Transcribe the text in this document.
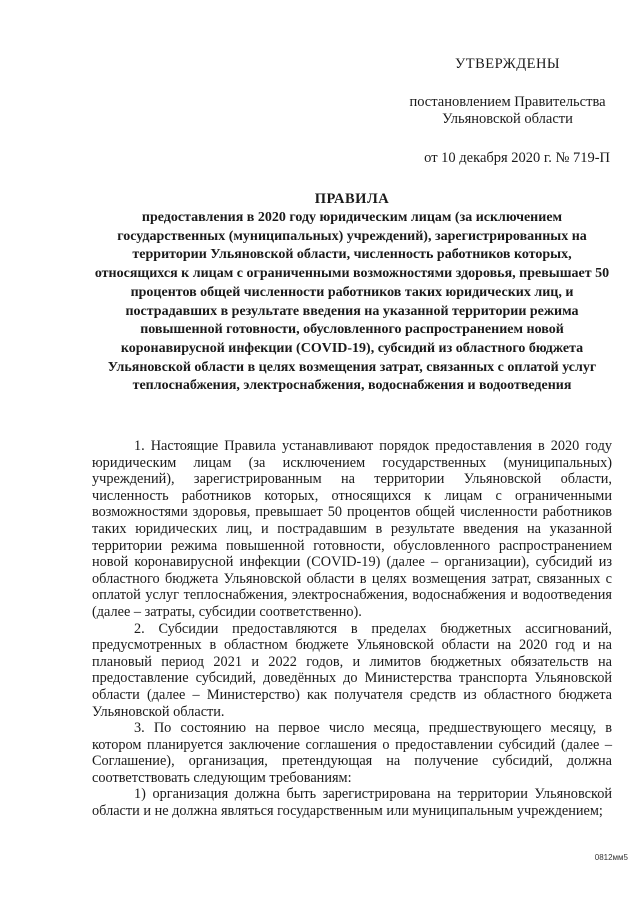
УТВЕРЖДЕНЫ
постановлением Правительства
Ульяновской области
от 10 декабря 2020 г. № 719-П
ПРАВИЛА
предоставления в 2020 году юридическим лицам (за исключением государственных (муниципальных) учреждений), зарегистрированных на территории Ульяновской области, численность работников которых, относящихся к лицам с ограниченными возможностями здоровья, превышает 50 процентов общей численности работников таких юридических лиц, и пострадавших в результате введения на указанной территории режима повышенной готовности, обусловленного распространением новой коронавирусной инфекции (COVID-19), субсидий из областного бюджета Ульяновской области в целях возмещения затрат, связанных с оплатой услуг теплоснабжения, электроснабжения, водоснабжения и водоотведения

1. Настоящие Правила устанавливают порядок предоставления в 2020 году юридическим лицам (за исключением государственных (муниципальных) учреждений), зарегистрированным на территории Ульяновской области, численность работников которых, относящихся к лицам с ограниченными возможностями здоровья, превышает 50 процентов общей численности работников таких юридических лиц, и пострадавшим в результате введения на указанной территории режима повышенной готовности, обусловленного распространением новой коронавирусной инфекции (COVID-19) (далее – организации), субсидий из областного бюджета Ульяновской области в целях возмещения затрат, связанных с оплатой услуг теплоснабжения, электроснабжения, водоснабжения и водоотведения (далее – затраты, субсидии соответственно).

2. Субсидии предоставляются в пределах бюджетных ассигнований, предусмотренных в областном бюджете Ульяновской области на 2020 год и на плановый период 2021 и 2022 годов, и лимитов бюджетных обязательств на предоставление субсидий, доведённых до Министерства транспорта Ульяновской области (далее – Министерство) как получателя средств из областного бюджета Ульяновской области.

3. По состоянию на первое число месяца, предшествующего месяцу, в котором планируется заключение соглашения о предоставлении субсидий (далее – Соглашение), организация, претендующая на получение субсидий, должна соответствовать следующим требованиям:

1) организация должна быть зарегистрирована на территории Ульяновской области и не должна являться государственным или муниципальным учреждением;

0812мм5
